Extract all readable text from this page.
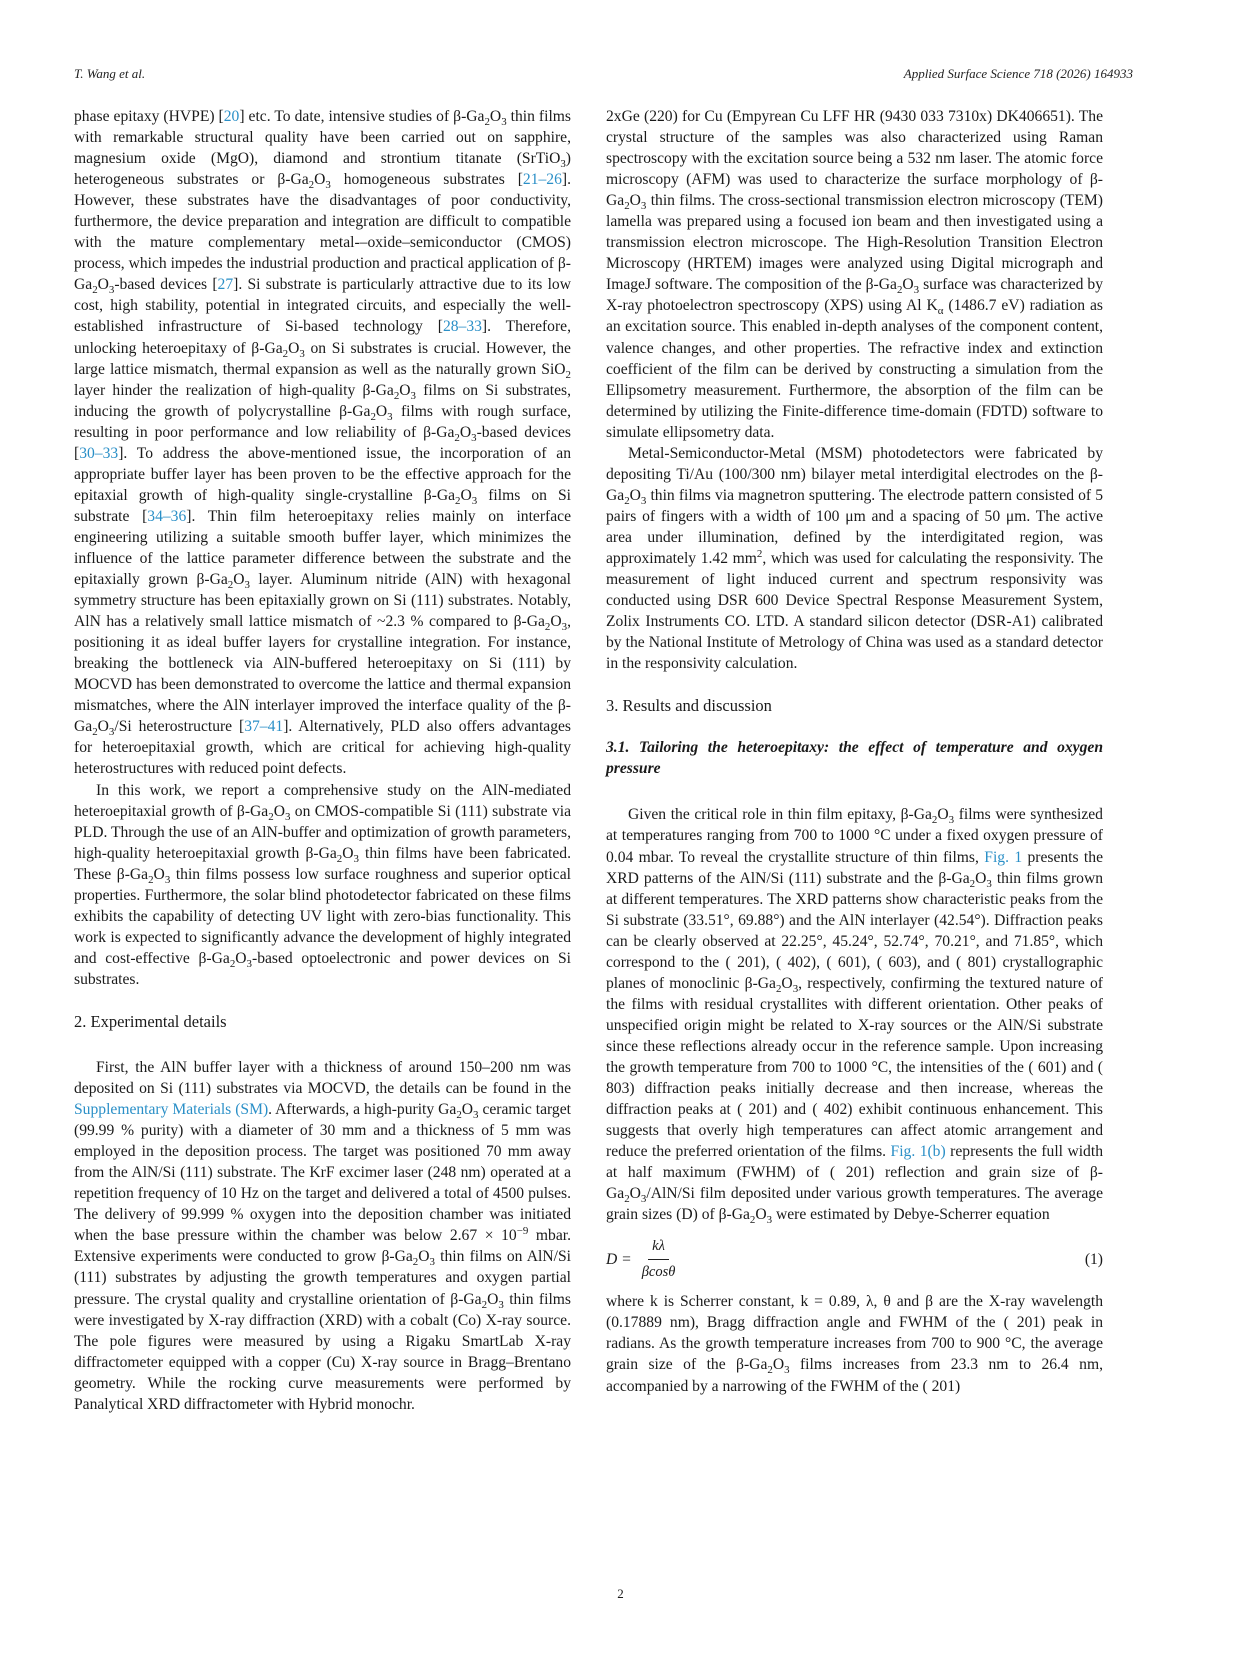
T. Wang et al.	Applied Surface Science 718 (2026) 164933

phase epitaxy (HVPE) [20] etc. To date, intensive studies of $\beta-Ga_2O_3$ thin films with remarkable structural quality have been carried out on sapphire, magnesium oxide (MgO), diamond and strontium titanate (SrTiO$_3$) heterogeneous substrates or $\beta-Ga_2O_3$ homogeneous substrates [21–26]. However, these substrates have the disadvantages of poor conductivity, furthermore, the device preparation and integration are difficult to compatible with the mature complementary metal-–oxide–semiconductor (CMOS) process, which impedes the industrial production and practical application of $\beta-Ga_2O_3$-based devices [27]. Si substrate is particularly attractive due to its low cost, high stability, potential in integrated circuits, and especially the well-established infrastructure of Si-based technology [28–33]. Therefore, unlocking heteroepitaxy of $\beta-Ga_2O_3$ on Si substrates is crucial. However, the large lattice mismatch, thermal expansion as well as the naturally grown SiO$_2$ layer hinder the realization of high-quality $\beta-Ga_2O_3$ films on Si substrates, inducing the growth of polycrystalline $\beta-Ga_2O_3$ films with rough surface, resulting in poor performance and low reliability of $\beta-Ga_2O_3$-based devices [30–33]. To address the above-mentioned issue, the incorporation of an appropriate buffer layer has been proven to be the effective approach for the epitaxial growth of high-quality single-crystalline $\beta-Ga_2O_3$ films on Si substrate [34–36]. Thin film heteroepitaxy relies mainly on interface engineering utilizing a suitable smooth buffer layer, which minimizes the influence of the lattice parameter difference between the substrate and the epitaxially grown $\beta-Ga_2O_3$ layer. Aluminum nitride (AlN) with hexagonal symmetry structure has been epitaxially grown on Si (111) substrates. Notably, AlN has a relatively small lattice mismatch of ~2.3 % compared to $\beta-Ga_2O_3$, positioning it as ideal buffer layers for crystalline integration. For instance, breaking the bottleneck via AlN-buffered heteroepitaxy on Si (111) by MOCVD has been demonstrated to overcome the lattice and thermal expansion mismatches, where the AlN interlayer improved the interface quality of the $\beta-Ga_2O_3/Si$ heterostructure [37–41]. Alternatively, PLD also offers advantages for heteroepitaxial growth, which are critical for achieving high-quality heterostructures with reduced point defects.

In this work, we report a comprehensive study on the AlN-mediated heteroepitaxial growth of $\beta-Ga_2O_3$ on CMOS-compatible Si (111) substrate via PLD. Through the use of an AlN-buffer and optimization of growth parameters, high-quality heteroepitaxial growth $\beta-Ga_2O_3$ thin films have been fabricated. These $\beta-Ga_2O_3$ thin films possess low surface roughness and superior optical properties. Furthermore, the solar blind photodetector fabricated on these films exhibits the capability of detecting UV light with zero-bias functionality. This work is expected to significantly advance the development of highly integrated and cost-effective $\beta-Ga_2O_3$-based optoelectronic and power devices on Si substrates.

2. Experimental details

First, the AlN buffer layer with a thickness of around 150–200 nm was deposited on Si (111) substrates via MOCVD, the details can be found in the Supplementary Materials (SM). Afterwards, a high-purity $Ga_2O_3$ ceramic target (99.99 % purity) with a diameter of 30 mm and a thickness of 5 mm was employed in the deposition process. The target was positioned 70 mm away from the AlN/Si (111) substrate. The KrF excimer laser (248 nm) operated at a repetition frequency of 10 Hz on the target and delivered a total of 4500 pulses. The delivery of 99.999 % oxygen into the deposition chamber was initiated when the base pressure within the chamber was below $2.67 \times 10^{-9}$ mbar. Extensive experiments were conducted to grow $\beta-Ga_2O_3$ thin films on AlN/Si (111) substrates by adjusting the growth temperatures and oxygen partial pressure. The crystal quality and crystalline orientation of $\beta-Ga_2O_3$ thin films were investigated by X-ray diffraction (XRD) with a cobalt (Co) X-ray source. The pole figures were measured by using a Rigaku SmartLab X-ray diffractometer equipped with a copper (Cu) X-ray source in Bragg–Brentano geometry. While the rocking curve measurements were performed by Panalytical XRD diffractometer with Hybrid monochr.

2xGe (220) for Cu (Empyrean Cu LFF HR (9430 033 7310x) DK406651). The crystal structure of the samples was also characterized using Raman spectroscopy with the excitation source being a 532 nm laser. The atomic force microscopy (AFM) was used to characterize the surface morphology of $\beta-Ga_2O_3$ thin films. The cross-sectional transmission electron microscopy (TEM) lamella was prepared using a focused ion beam and then investigated using a transmission electron microscope. The High-Resolution Transition Electron Microscopy (HRTEM) images were analyzed using Digital micrograph and ImageJ software. The composition of the $\beta-Ga_2O_3$ surface was characterized by X-ray photoelectron spectroscopy (XPS) using Al $K_\alpha$ (1486.7 eV) radiation as an excitation source. This enabled in-depth analyses of the component content, valence changes, and other properties. The refractive index and extinction coefficient of the film can be derived by constructing a simulation from the Ellipsometry measurement. Furthermore, the absorption of the film can be determined by utilizing the Finite-difference time-domain (FDTD) software to simulate ellipsometry data.

Metal-Semiconductor-Metal (MSM) photodetectors were fabricated by depositing Ti/Au (100/300 nm) bilayer metal interdigital electrodes on the $\beta-Ga_2O_3$ thin films via magnetron sputtering. The electrode pattern consisted of 5 pairs of fingers with a width of 100 μm and a spacing of 50 μm. The active area under illumination, defined by the interdigitated region, was approximately 1.42 $mm^2$, which was used for calculating the responsivity. The measurement of light induced current and spectrum responsivity was conducted using DSR 600 Device Spectral Response Measurement System, Zolix Instruments CO. LTD. A standard silicon detector (DSR-A1) calibrated by the National Institute of Metrology of China was used as a standard detector in the responsivity calculation.

3. Results and discussion
3.1. Tailoring the heteroepitaxy: the effect of temperature and oxygen pressure

Given the critical role in thin film epitaxy, $\beta-Ga_2O_3$ films were synthesized at temperatures ranging from 700 to 1000 °C under a fixed oxygen pressure of 0.04 mbar. To reveal the crystallite structure of thin films, Fig. 1 presents the XRD patterns of the AlN/Si (111) substrate and the $\beta-Ga_2O_3$ thin films grown at different temperatures. The XRD patterns show characteristic peaks from the Si substrate (33.51°, 69.88°) and the AlN interlayer (42.54°). Diffraction peaks can be clearly observed at 22.25°, 45.24°, 52.74°, 70.21°, and 71.85°, which correspond to the ( 201), ( 402), ( 601), ( 603), and ( 801) crystallographic planes of monoclinic $\beta-Ga_2O_3$, respectively, confirming the textured nature of the films with residual crystallites with different orientation. Other peaks of unspecified origin might be related to X-ray sources or the AlN/Si substrate since these reflections already occur in the reference sample. Upon increasing the growth temperature from 700 to 1000 °C, the intensities of the ( 601) and ( 803) diffraction peaks initially decrease and then increase, whereas the diffraction peaks at ( 201) and ( 402) exhibit continuous enhancement. This suggests that overly high temperatures can affect atomic arrangement and reduce the preferred orientation of the films. Fig. 1(b) represents the full width at half maximum (FWHM) of ( 201) reflection and grain size of $\beta-Ga_2O_3/AlN/Si$ film deposited under various growth temperatures. The average grain sizes (D) of $\beta-Ga_2O_3$ were estimated by Debye-Scherrer equation

$D = \frac{k\lambda}{\beta\cos\theta}$	(1)

where k is Scherrer constant, k = 0.89, λ, θ and β are the X-ray wavelength (0.17889 nm), Bragg diffraction angle and FWHM of the ( 201) peak in radians. As the growth temperature increases from 700 to 900 °C, the average grain size of the $\beta-Ga_2O_3$ films increases from 23.3 nm to 26.4 nm, accompanied by a narrowing of the FWHM of the ( 201)

2
